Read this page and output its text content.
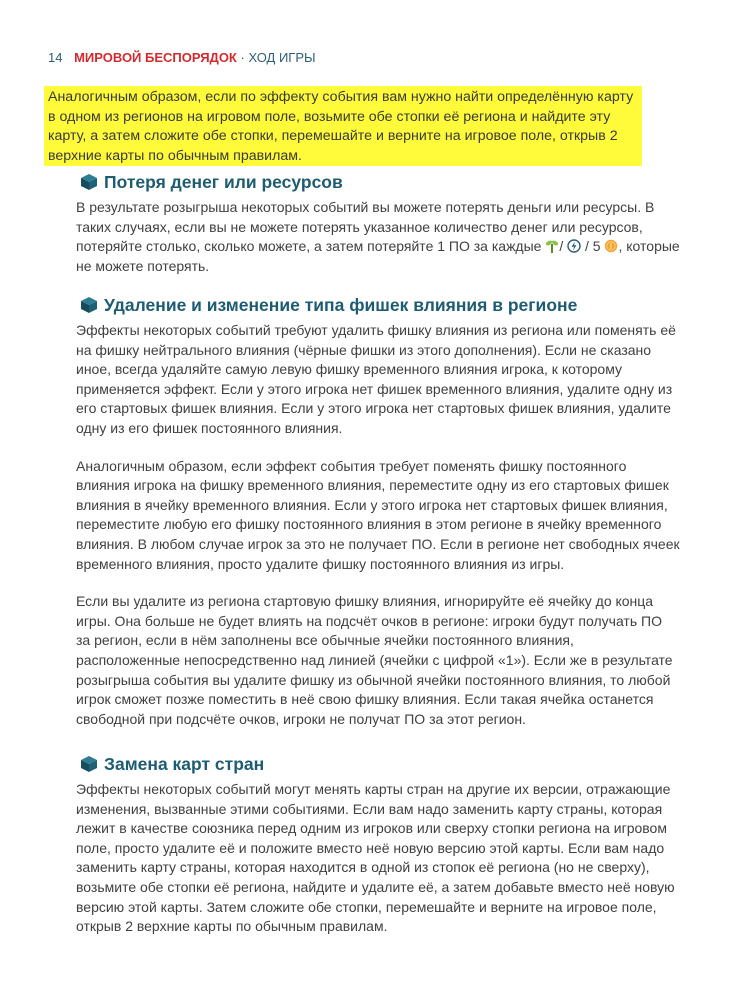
14 МИРОВОЙ БЕСПОРЯДОК · ХОД ИГРЫ

Аналогичным образом, если по эффекту события вам нужно найти определённую карту в одном из регионов на игровом поле, возьмите обе стопки её региона и найдите эту карту, а затем сложите обе стопки, перемешайте и верните на игровое поле, открыв 2 верхние карты по обычным правилам.

Потеря денег или ресурсов

В результате розыгрыша некоторых событий вы можете потерять деньги или ресурсы. В таких случаях, если вы не можете потерять указанное количество денег или ресурсов, потеряйте столько, сколько можете, а затем потеряйте 1 ПО за каждые / / 5 , которые не можете потерять.

Удаление и изменение типа фишек влияния в регионе

Эффекты некоторых событий требуют удалить фишку влияния из региона или поменять её на фишку нейтрального влияния (чёрные фишки из этого дополнения). Если не сказано иное, всегда удаляйте самую левую фишку временного влияния игрока, к которому применяется эффект. Если у этого игрока нет фишек временного влияния, удалите одну из его стартовых фишек влияния. Если у этого игрока нет стартовых фишек влияния, удалите одну из его фишек постоянного влияния.

Аналогичным образом, если эффект события требует поменять фишку постоянного влияния игрока на фишку временного влияния, переместите одну из его стартовых фишек влияния в ячейку временного влияния. Если у этого игрока нет стартовых фишек влияния, переместите любую его фишку постоянного влияния в этом регионе в ячейку временного влияния. В любом случае игрок за это не получает ПО. Если в регионе нет свободных ячеек временного влияния, просто удалите фишку постоянного влияния из игры.

Если вы удалите из региона стартовую фишку влияния, игнорируйте её ячейку до конца игры. Она больше не будет влиять на подсчёт очков в регионе: игроки будут получать ПО за регион, если в нём заполнены все обычные ячейки постоянного влияния, расположенные непосредственно над линией (ячейки с цифрой «1»). Если же в результате розыгрыша события вы удалите фишку из обычной ячейки постоянного влияния, то любой игрок сможет позже поместить в неё свою фишку влияния. Если такая ячейка останется свободной при подсчёте очков, игроки не получат ПО за этот регион.

Замена карт стран

Эффекты некоторых событий могут менять карты стран на другие их версии, отражающие изменения, вызванные этими событиями. Если вам надо заменить карту страны, которая лежит в качестве союзника перед одним из игроков или сверху стопки региона на игровом поле, просто удалите её и положите вместо неё новую версию этой карты. Если вам надо заменить карту страны, которая находится в одной из стопок её региона (но не сверху), возьмите обе стопки её региона, найдите и удалите её, а затем добавьте вместо неё новую версию этой карты. Затем сложите обе стопки, перемешайте и верните на игровое поле, открыв 2 верхние карты по обычным правилам.
